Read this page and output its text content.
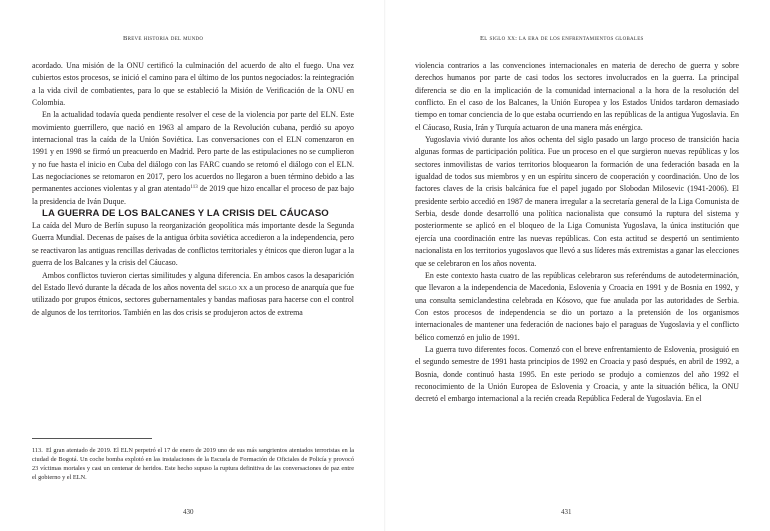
Breve historia del mundo

acordado. Una misión de la ONU certificó la culminación del acuerdo de alto el fuego. Una vez cubiertos estos procesos, se inició el camino para el último de los puntos negociados: la reintegración a la vida civil de combatientes, para lo que se estableció la Misión de Verificación de la ONU en Colombia.

En la actualidad todavía queda pendiente resolver el cese de la violencia por parte del ELN. Este movimiento guerrillero, que nació en 1963 al amparo de la Revolución cubana, perdió su apoyo internacional tras la caída de la Unión Soviética. Las conversaciones con el ELN comenzaron en 1991 y en 1998 se firmó un preacuerdo en Madrid. Pero parte de las estipulaciones no se cumplieron y no fue hasta el inicio en Cuba del diálogo con las FARC cuando se retomó el diálogo con el ELN. Las negociaciones se retomaron en 2017, pero los acuerdos no llegaron a buen término debido a las permanentes acciones violentas y al gran atentado$^{113}$ de 2019 que hizo encallar el proceso de paz bajo la presidencia de Iván Duque.

LA GUERRA DE LOS BALCANES Y LA CRISIS DEL CÁUCASO

La caída del Muro de Berlín supuso la reorganización geopolítica más importante desde la Segunda Guerra Mundial. Decenas de países de la antigua órbita soviética accedieron a la independencia, pero se reactivaron las antiguas rencillas derivadas de conflictos territoriales y étnicos que dieron lugar a la guerra de los Balcanes y la crisis del Cáucaso.

Ambos conflictos tuvieron ciertas similitudes y alguna diferencia. En ambos casos la desaparición del Estado llevó durante la década de los años noventa del siglo xx a un proceso de anarquía que fue utilizado por grupos étnicos, sectores gubernamentales y bandas mafiosas para hacerse con el control de algunos de los territorios. También en las dos crisis se produjeron actos de extrema

113. El gran atentado de 2019. El ELN perpetró el 17 de enero de 2019 uno de sus más sangrientos atentados terroristas en la ciudad de Bogotá. Un coche bomba explotó en las instalaciones de la Escuela de Formación de Oficiales de Policía y provocó 23 víctimas mortales y casi un centenar de heridos. Este hecho supuso la ruptura definitiva de las conversaciones de paz entre el gobierno y el ELN.
430
El siglo xx: la era de los enfrentamientos globales

violencia contrarios a las convenciones internacionales en materia de derecho de guerra y sobre derechos humanos por parte de casi todos los sectores involucrados en la guerra. La principal diferencia se dio en la implicación de la comunidad internacional a la hora de la resolución del conflicto. En el caso de los Balcanes, la Unión Europea y los Estados Unidos tardaron demasiado tiempo en tomar conciencia de lo que estaba ocurriendo en las repúblicas de la antigua Yugoslavia. En el Cáucaso, Rusia, Irán y Turquía actuaron de una manera más enérgica.

Yugoslavia vivió durante los años ochenta del siglo pasado un largo proceso de transición hacia algunas formas de participación política. Fue un proceso en el que surgieron nuevas repúblicas y los sectores inmovilistas de varios territorios bloquearon la formación de una federación basada en la igualdad de todos sus miembros y en un espíritu sincero de cooperación y coordinación. Uno de los factores claves de la crisis balcánica fue el papel jugado por Slobodan Milosevic (1941-2006). El presidente serbio accedió en 1987 de manera irregular a la secretaría general de la Liga Comunista de Serbia, desde donde desarrolló una política nacionalista que consumó la ruptura del sistema y posteriormente se aplicó en el bloqueo de la Liga Comunista Yugoslava, la única institución que ejercía una coordinación entre las nuevas repúblicas. Con esta actitud se despertó un sentimiento nacionalista en los territorios yugoslavos que llevó a sus líderes más extremistas a ganar las elecciones que se celebraron en los años noventa.

En este contexto hasta cuatro de las repúblicas celebraron sus referéndums de autodeterminación, que llevaron a la independencia de Macedonia, Eslovenia y Croacia en 1991 y de Bosnia en 1992, y una consulta semiclandestina celebrada en Kósovo, que fue anulada por las autoridades de Serbia. Con estos procesos de independencia se dio un portazo a la pretensión de los organismos internacionales de mantener una federación de naciones bajo el paraguas de Yugoslavia y el conflicto bélico comenzó en julio de 1991.

La guerra tuvo diferentes focos. Comenzó con el breve enfrentamiento de Eslovenia, prosiguió en el segundo semestre de 1991 hasta principios de 1992 en Croacia y pasó después, en abril de 1992, a Bosnia, donde continuó hasta 1995. En este periodo se produjo a comienzos del año 1992 el reconocimiento de la Unión Europea de Eslovenia y Croacia, y ante la situación bélica, la ONU decretó el embargo internacional a la recién creada República Federal de Yugoslavia. En el

431
